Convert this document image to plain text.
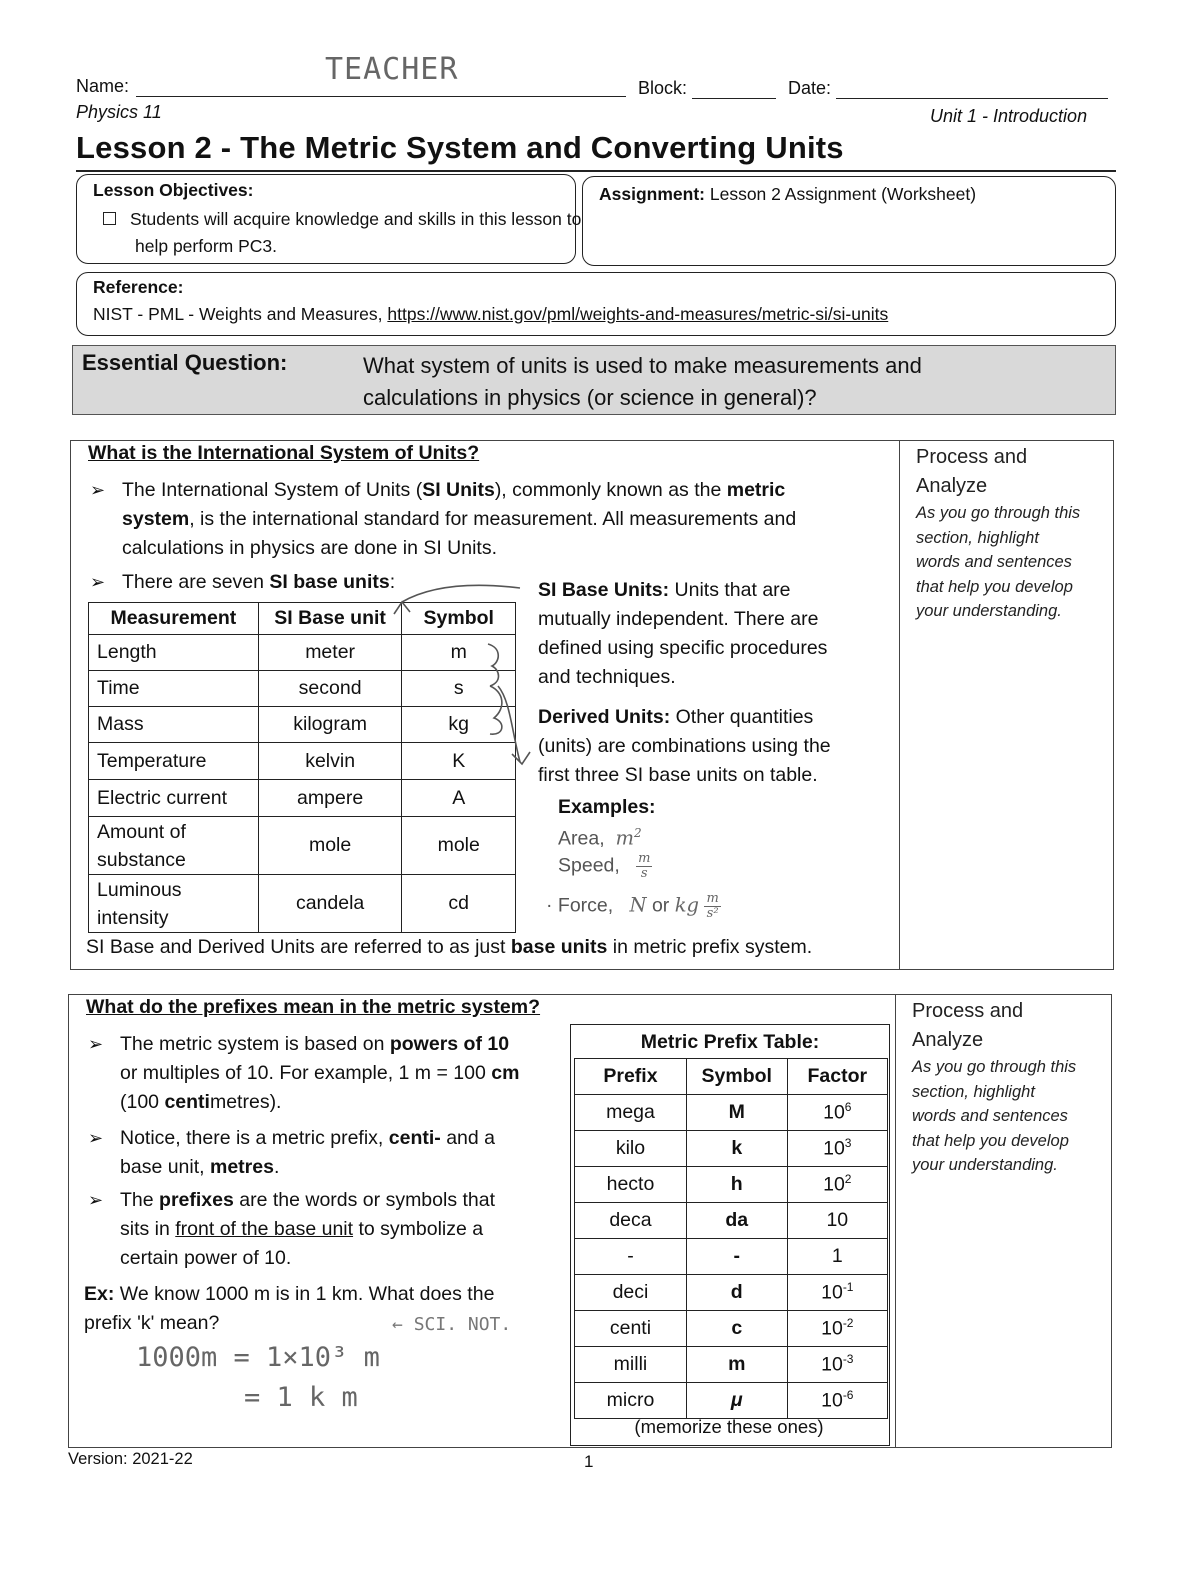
Name:	TEACHER
Block:	Date:
Physics 11	Unit 1 - Introduction
Lesson 2 - The Metric System and Converting Units
Lesson Objectives:
Students will acquire knowledge and skills in this lesson to help perform PC3.
Assignment: Lesson 2 Assignment (Worksheet)
Reference:
NIST - PML - Weights and Measures, https://www.nist.gov/pml/weights-and-measures/metric-si/si-units
Essential Question:	What system of units is used to make measurements and
calculations in physics (or science in general)?
Process and
Analyze
As you go through this
section, highlight
words and sentences
that help you develop
your understanding.
What is the International System of Units?
➢ The International System of Units (SI Units), commonly known as the metric
system, is the international standard for measurement. All measurements and
calculations in physics are done in SI Units.
➢ There are seven SI base units:
Measurement	SI Base unit	Symbol
Length	meter	m
Time	second	s
Mass	kilogram	kg
Temperature	kelvin	K
Electric current	ampere	A
Amount of substance	mole	mole
Luminous intensity	candela	cd
SI Base Units: Units that are
mutually independent. There are
defined using specific procedures
and techniques.
Derived Units: Other quantities
(units) are combinations using the
first three SI base units on table.
Examples:
Area, $m^2$
Speed, $\frac{m}{s}$
· Force, N or kg $\frac{m}{\text{s²}}$
SI Base and Derived Units are referred to as just base units in metric prefix system.
Process and
Analyze
As you go through this
section, highlight
words and sentences
that help you develop
your understanding.
What do the prefixes mean in the metric system?
➢ The metric system is based on powers of 10
or multiples of 10. For example, 1 m = 100 cm
(100 centimetres).
➢ Notice, there is a metric prefix, centi- and a
base unit, metres.
➢ The prefixes are the words or symbols that
sits in front of the base unit to symbolize a
certain power of 10.
Ex: We know 1000 m is in 1 km. What does the
prefix 'k' mean?	← SCI. NOT.
1000m = 1×10³ m
= 1 k m
Metric Prefix Table:
Prefix	Symbol	Factor
mega	M	$10^6$
kilo	k	$10^3$
hecto	h	$10^2$
deca	da	10
-	-	1
deci	d	$10^{-1}$
centi	c	$10^{-2}$
milli	m	$10^{-3}$
micro	μ	$10^{-6}$
(memorize these ones)
Version: 2021-22	1
